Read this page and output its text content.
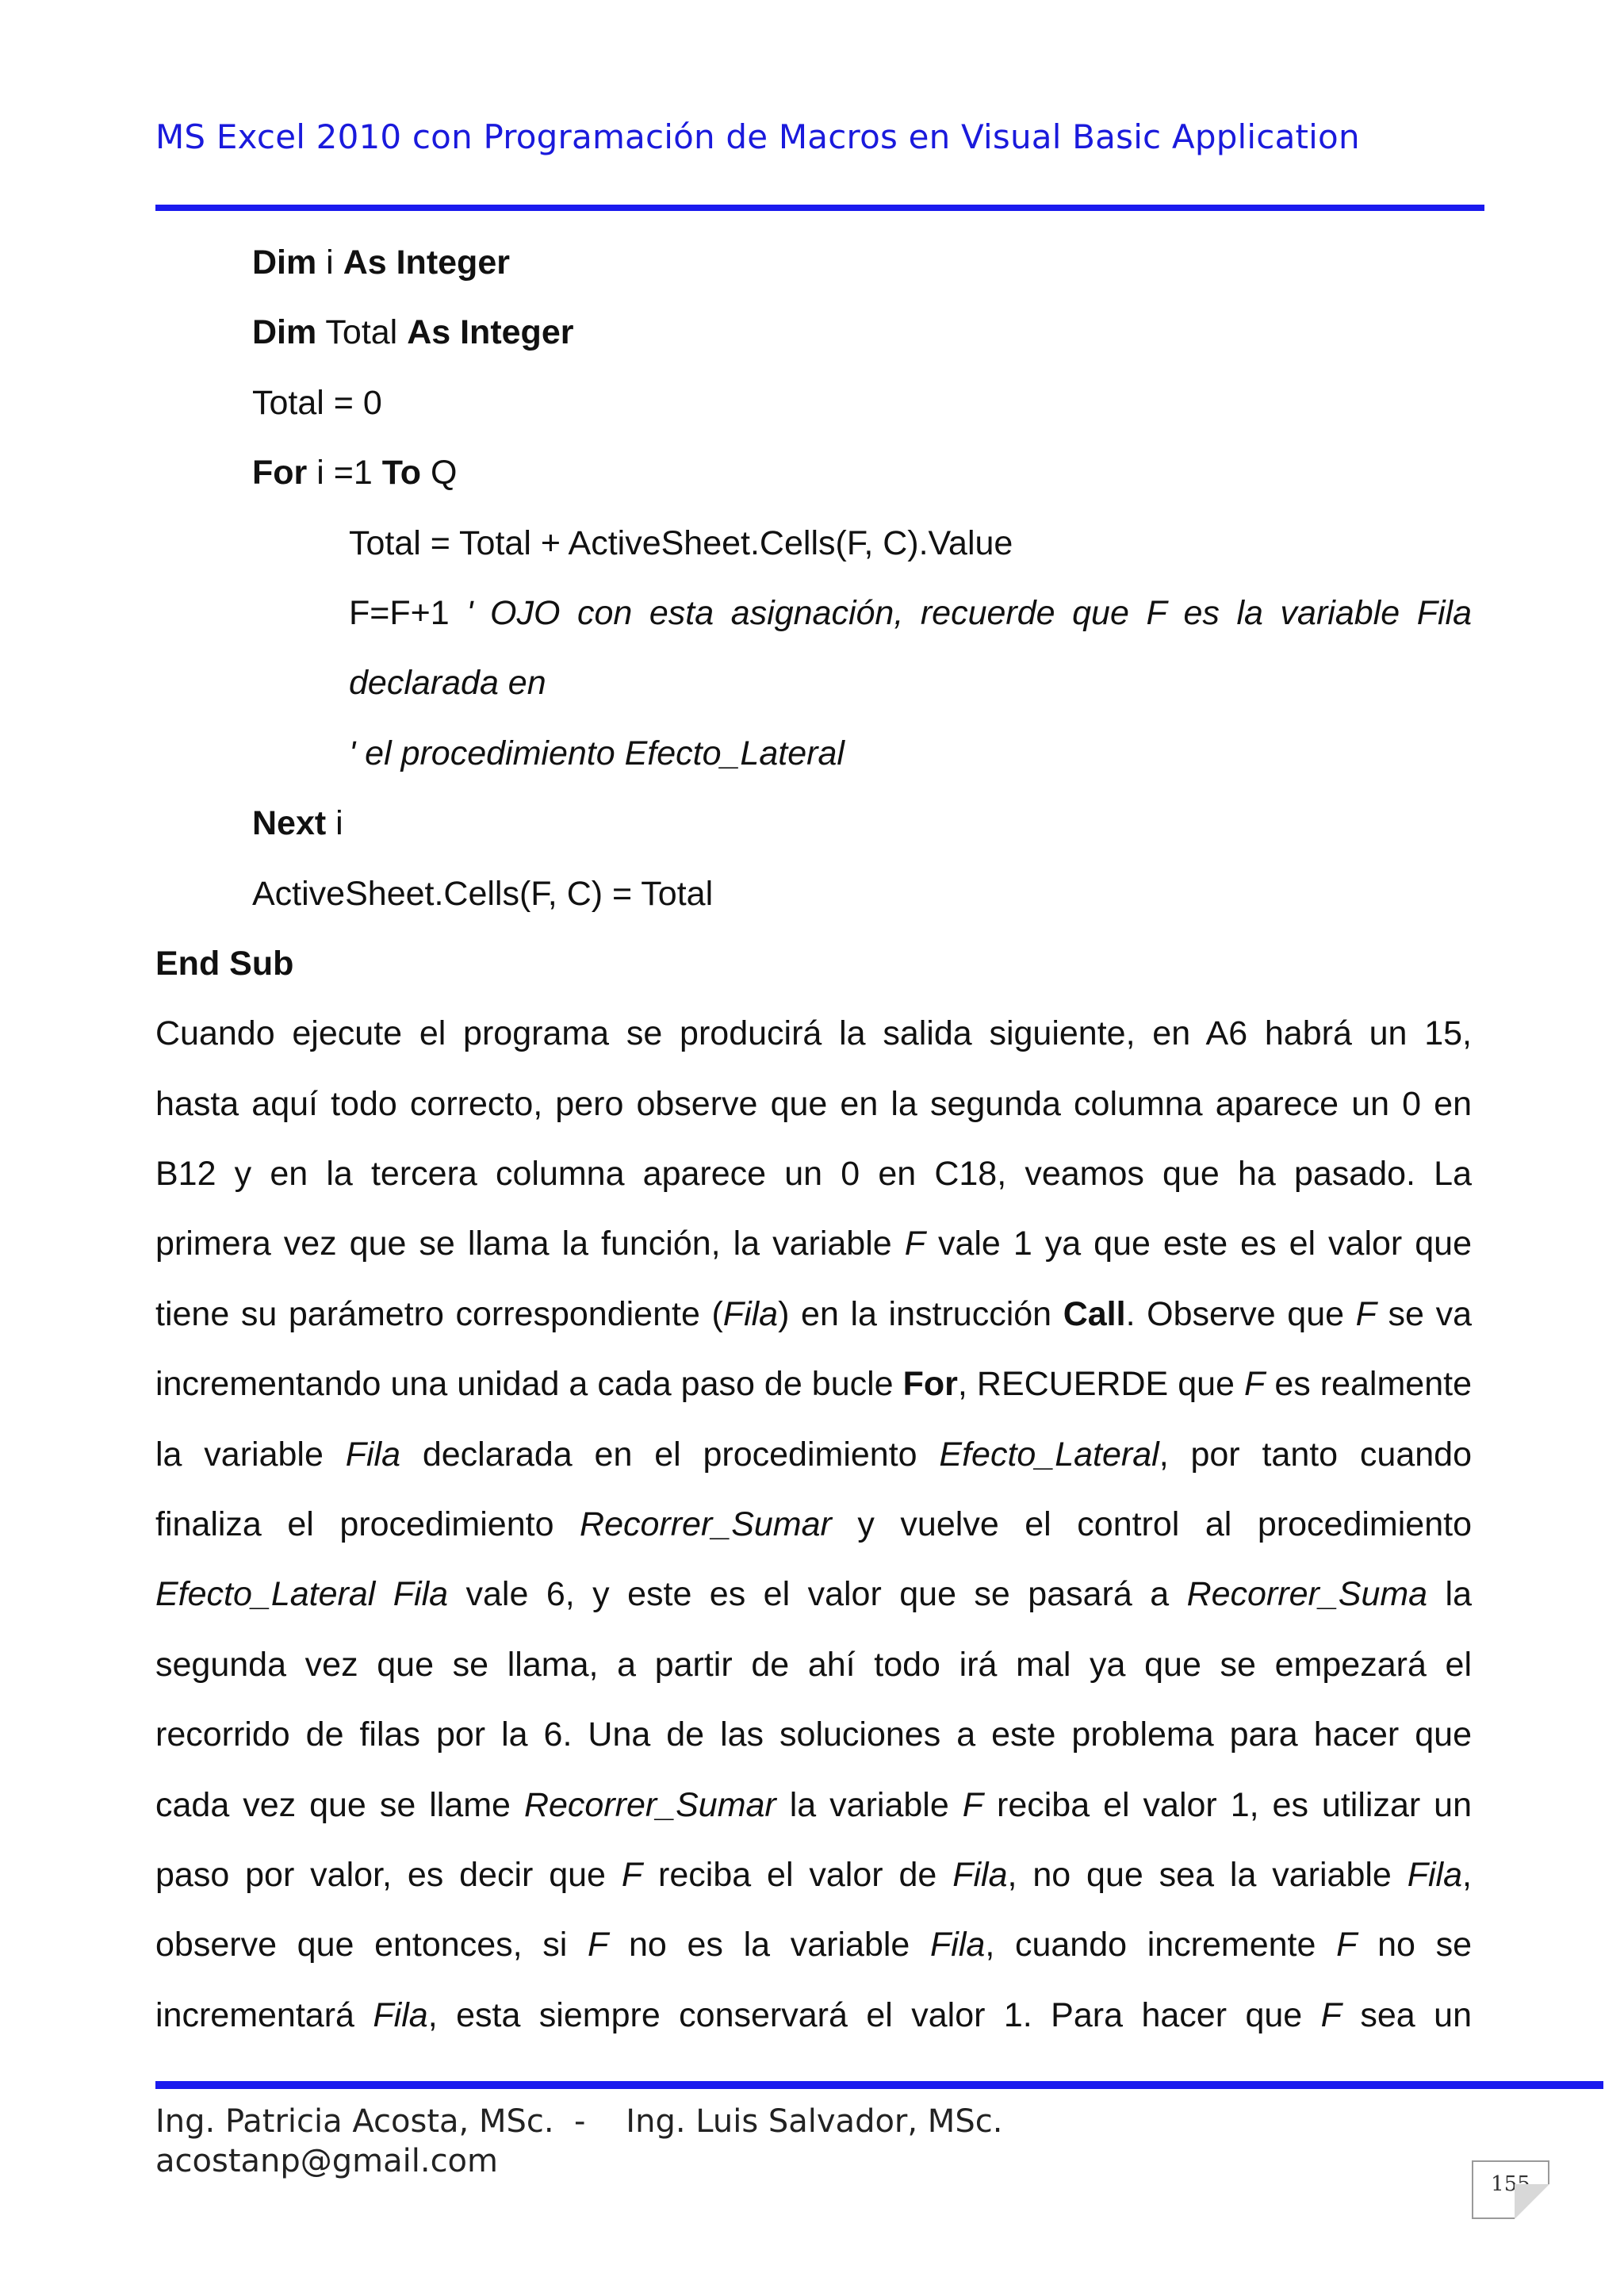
MS Excel 2010 con Programación de Macros en Visual Basic Application
Dim i As Integer
Dim Total As Integer
Total = 0
For i =1 To Q
Total = Total + ActiveSheet.Cells(F, C).Value
F=F+1 ' OJO con esta asignación, recuerde que F es la variable Fila
declarada en
' el procedimiento Efecto_Lateral
Next i
ActiveSheet.Cells(F, C) = Total
End Sub
Cuando ejecute el programa se producirá la salida siguiente, en A6 habrá un 15,
hasta aquí todo correcto, pero observe que en la segunda columna aparece un 0 en
B12 y en la tercera columna aparece un 0 en C18, veamos que ha pasado. La
primera vez que se llama la función, la variable F vale 1 ya que este es el valor que
tiene su parámetro correspondiente (Fila) en la instrucción Call. Observe que F se va
incrementando una unidad a cada paso de bucle For, RECUERDE que F es realmente
la variable Fila declarada en el procedimiento Efecto_Lateral, por tanto cuando
finaliza el procedimiento Recorrer_Sumar y vuelve el control al procedimiento
Efecto_Lateral Fila vale 6, y este es el valor que se pasará a Recorrer_Suma la
segunda vez que se llama, a partir de ahí todo irá mal ya que se empezará el
recorrido de filas por la 6. Una de las soluciones a este problema para hacer que
cada vez que se llame Recorrer_Sumar la variable F reciba el valor 1, es utilizar un
paso por valor, es decir que F reciba el valor de Fila, no que sea la variable Fila,
observe que entonces, si F no es la variable Fila, cuando incremente F no se
incrementará Fila, esta siempre conservará el valor 1. Para hacer que F sea un
Ing. Patricia Acosta, MSc.  -    Ing. Luis Salvador, MSc.
acostanp@gmail.com
155
